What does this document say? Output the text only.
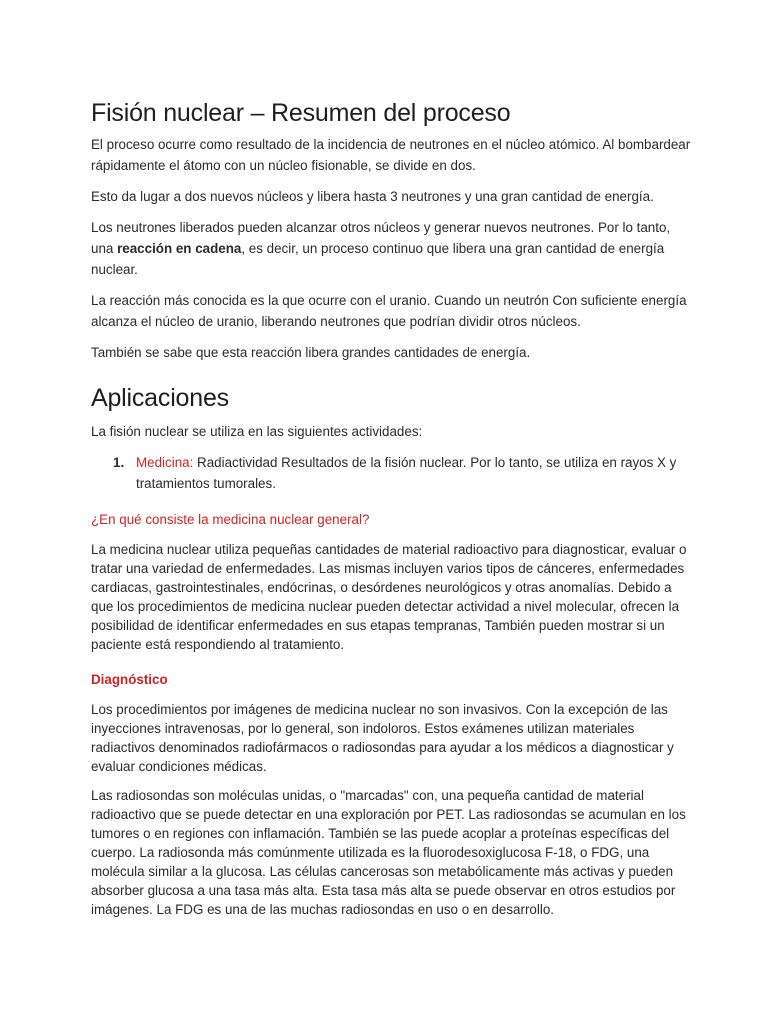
Fisión nuclear – Resumen del proceso

El proceso ocurre como resultado de la incidencia de neutrones en el núcleo atómico. Al bombardear rápidamente el átomo con un núcleo fisionable, se divide en dos.

Esto da lugar a dos nuevos núcleos y libera hasta 3 neutrones y una gran cantidad de energía.

Los neutrones liberados pueden alcanzar otros núcleos y generar nuevos neutrones. Por lo tanto, una reacción en cadena, es decir, un proceso continuo que libera una gran cantidad de energía nuclear.

La reacción más conocida es la que ocurre con el uranio. Cuando un neutrón Con suficiente energía alcanza el núcleo de uranio, liberando neutrones que podrían dividir otros núcleos.

También se sabe que esta reacción libera grandes cantidades de energía.

Aplicaciones

La fisión nuclear se utiliza en las siguientes actividades:

1. Medicina: Radiactividad Resultados de la fisión nuclear. Por lo tanto, se utiliza en rayos X y tratamientos tumorales.
¿En qué consiste la medicina nuclear general?

La medicina nuclear utiliza pequeñas cantidades de material radioactivo para diagnosticar, evaluar o tratar una variedad de enfermedades. Las mismas incluyen varios tipos de cánceres, enfermedades cardiacas, gastrointestinales, endócrinas, o desórdenes neurológicos y otras anomalías. Debido a que los procedimientos de medicina nuclear pueden detectar actividad a nivel molecular, ofrecen la posibilidad de identificar enfermedades en sus etapas tempranas, También pueden mostrar si un paciente está respondiendo al tratamiento.

Diagnóstico

Los procedimientos por imágenes de medicina nuclear no son invasivos. Con la excepción de las inyecciones intravenosas, por lo general, son indoloros. Estos exámenes utilizan materiales radiactivos denominados radiofármacos o radiosondas para ayudar a los médicos a diagnosticar y evaluar condiciones médicas.

Las radiosondas son moléculas unidas, o "marcadas" con, una pequeña cantidad de material radioactivo que se puede detectar en una exploración por PET. Las radiosondas se acumulan en los tumores o en regiones con inflamación. También se las puede acoplar a proteínas específicas del cuerpo. La radiosonda más comúnmente utilizada es la fluorodesoxiglucosa F-18, o FDG, una molécula similar a la glucosa. Las células cancerosas son metabólicamente más activas y pueden absorber glucosa a una tasa más alta. Esta tasa más alta se puede observar en otros estudios por imágenes. La FDG es una de las muchas radiosondas en uso o en desarrollo.
